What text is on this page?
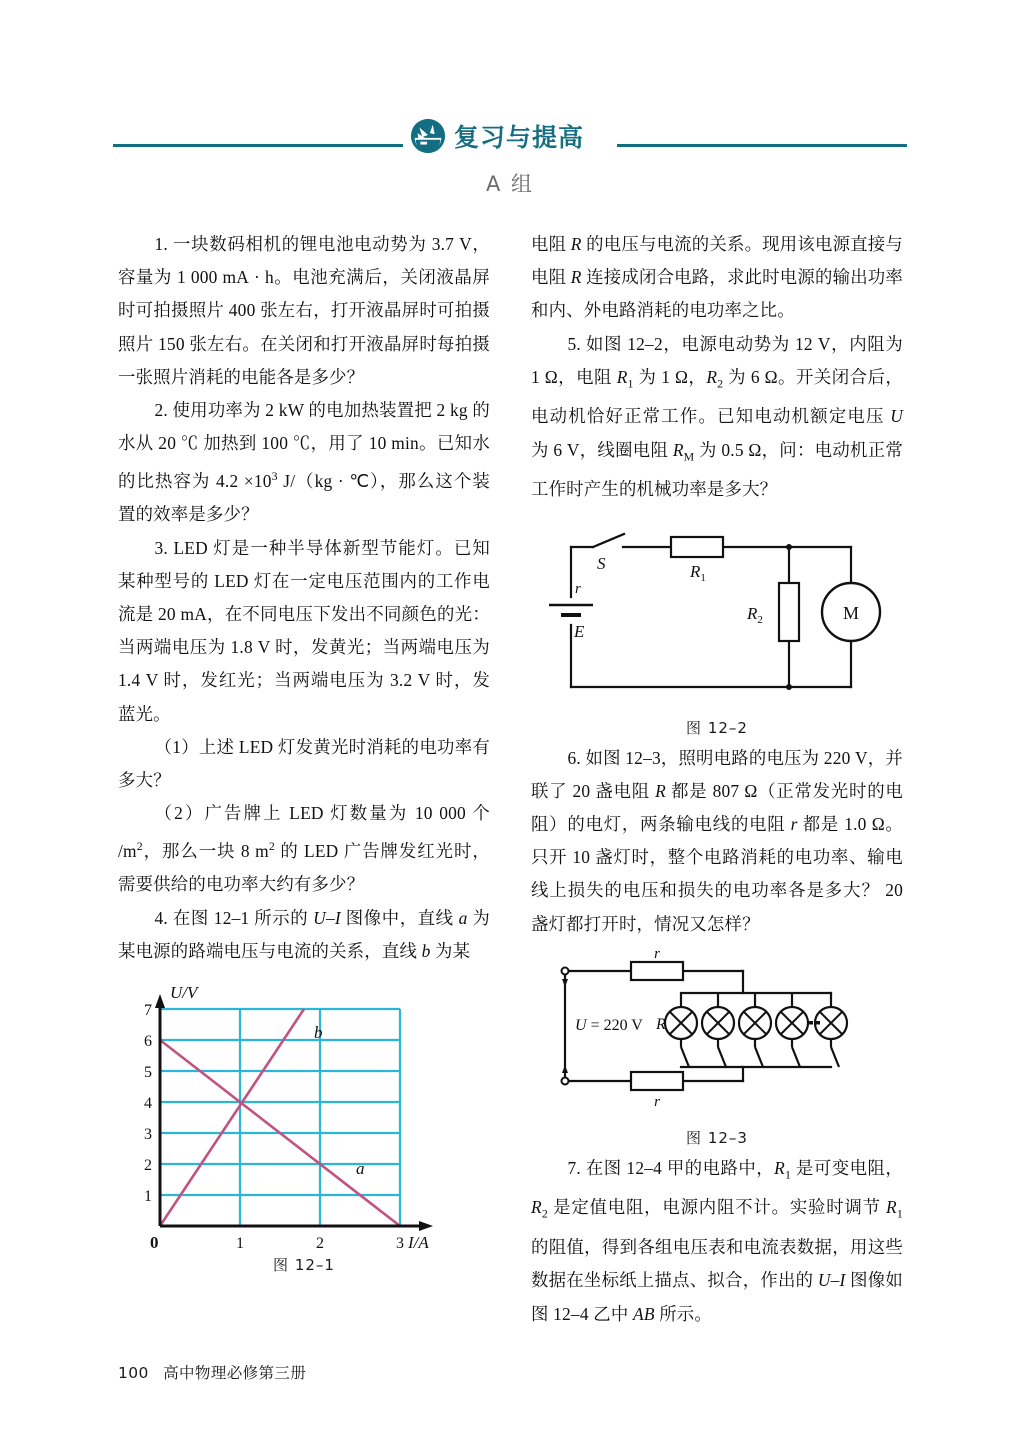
复习与提高
A 组

1. 一块数码相机的锂电池电动势为 3.7 V，容量为 1 000 mA · h。电池充满后，关闭液晶屏时可拍摄照片 400 张左右，打开液晶屏时可拍摄照片 150 张左右。在关闭和打开液晶屏时每拍摄一张照片消耗的电能各是多少？

2. 使用功率为 2 kW 的电加热装置把 2 kg 的水从 20 ℃ 加热到 100 ℃，用了 10 min。已知水的比热容为 $4.2 \times 10^3$ J/（kg · ℃），那么这个装置的效率是多少？

3. LED 灯是一种半导体新型节能灯。已知某种型号的 LED 灯在一定电压范围内的工作电流是 20 mA，在不同电压下发出不同颜色的光：当两端电压为 1.8 V 时，发黄光；当两端电压为 1.4 V 时，发红光；当两端电压为 3.2 V 时，发蓝光。

（1）上述 LED 灯发黄光时消耗的电功率有多大？

（2）广告牌上 LED 灯数量为 10 000 个 $/m^2$，那么一块 8 $m^2$ 的 LED 广告牌发红光时，需要供给的电功率大约有多少？

4. 在图 12–1 所示的 U–I 图像中，直线 a 为某电源的路端电压与电流的关系，直线 b 为某

1
2
3
4
5
6
7
1	2	3
0
U/V
I/A
a
b
图 12–1

电阻 R 的电压与电流的关系。现用该电源直接与电阻 R 连接成闭合电路，求此时电源的输出功率和内、外电路消耗的电功率之比。

5. 如图 12–2，电源电动势为 12 V，内阻为 1 Ω，电阻 $R_1$ 为 1 Ω，$R_2$ 为 6 Ω。开关闭合后，电动机恰好正常工作。已知电动机额定电压 U 为 6 V，线圈电阻 $R_M$ 为 0.5 Ω，问：电动机正常工作时产生的机械功率是多大？

S
r
E
$R_1$
$R_2$	M
图 12–2

6. 如图 12–3，照明电路的电压为 220 V，并联了 20 盏电阻 R 都是 807 Ω（正常发光时的电阻）的电灯，两条输电线的电阻 r 都是 1.0 Ω。只开 10 盏灯时，整个电路消耗的电功率、输电线上损失的电压和损失的电功率各是多大？ 20 盏灯都打开时，情况又怎样？

r
r
U = 220 V R
图 12–3

7. 在图 12–4 甲的电路中，$R_1$ 是可变电阻，$R_2$ 是定值电阻，电源内阻不计。实验时调节 $R_1$ 的阻值，得到各组电压表和电流表数据，用这些数据在坐标纸上描点、拟合，作出的 U–I 图像如图 12–4 乙中 AB 所示。

100 高中物理必修第三册
